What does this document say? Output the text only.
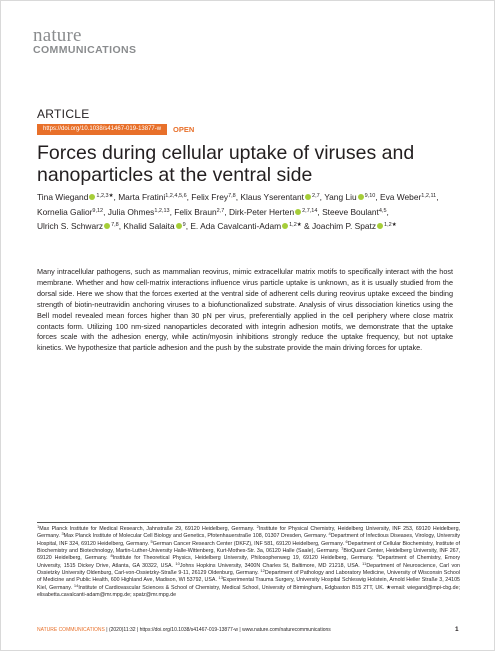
nature
COMMUNICATIONS
ARTICLE
https://doi.org/10.1038/s41467-019-13877-w	OPEN
Forces during cellular uptake of viruses and nanoparticles at the ventral side
Tina Wiegand $^{1,2,3★}$, Marta Fratini$^{1,2,4,5,6}$, Felix Frey$^{7,8}$, Klaus Yserentant $^{2,7}$, Yang Liu $^{9,10}$, Eva Weber$^{1,2,11}$, Kornelia Galior$^{9,12}$, Julia Ohmes$^{1,2,13}$, Felix Braun$^{2,7}$, Dirk-Peter Herten $^{2,7,14}$, Steeve Boulant$^{4,5}$, Ulrich S. Schwarz $^{7,8}$, Khalid Salaita $^9$, E. Ada Cavalcanti-Adam $^{1,2★}$ & Joachim P. Spatz $^{1,2★}$
Many intracellular pathogens, such as mammalian reovirus, mimic extracellular matrix motifs to specifically interact with the host membrane. Whether and how cell-matrix interactions influence virus particle uptake is unknown, as it is usually studied from the dorsal side. Here we show that the forces exerted at the ventral side of adherent cells during reovirus uptake exceed the binding strength of biotin-neutravidin anchoring viruses to a biofunctionalized substrate. Analysis of virus dissociation kinetics using the Bell model revealed mean forces higher than 30 pN per virus, preferentially applied in the cell periphery where close matrix contacts form. Utilizing 100 nm-sized nanoparticles decorated with integrin adhesion motifs, we demonstrate that the uptake forces scale with the adhesion energy, while actin/myosin inhibitions strongly reduce the uptake frequency, but not uptake kinetics. We hypothesize that particle adhesion and the push by the substrate provide the main driving forces for uptake.
$^1$Max Planck Institute for Medical Research, Jahnstraße 29, 69120 Heidelberg, Germany. $^2$Institute for Physical Chemistry, Heidelberg University, INF 253, 69120 Heidelberg, Germany. $^3$Max Planck Institute of Molecular Cell Biology and Genetics, Pfotenhauerstraße 108, 01307 Dresden, Germany. $^4$Department of Infectious Diseases, Virology, University Hospital, INF 324, 69120 Heidelberg, Germany. $^5$German Cancer Research Center (DKFZ), INF 581, 69120 Heidelberg, Germany. $^6$Department of Cellular Biochemistry, Institute of Biochemistry and Biotechnology, Martin-Luther-University Halle-Wittenberg, Kurt-Mothes-Str. 3a, 06120 Halle (Saale), Germany. $^7$BioQuant Center, Heidelberg University, INF 267, 69120 Heidelberg, Germany. $^8$Institute for Theoretical Physics, Heidelberg University, Philosophenweg 19, 69120 Heidelberg, Germany. $^9$Department of Chemistry, Emory University, 1515 Dickey Drive, Atlanta, GA 30322, USA. $^{10}$Johns Hopkins University, 3400N Charles St, Baltimore, MD 21218, USA. $^{11}$Department of Neuroscience, Carl von Ossietzky University Oldenburg, Carl-von-Ossietzky-Straße 9-11, 26129 Oldenburg, Germany. $^{12}$Department of Pathology and Laboratory Medicine, University of Wisconsin School of Medicine and Public Health, 600 Highland Ave, Madison, WI 53792, USA. $^{13}$Experimental Trauma Surgery, University Hospital Schleswig Holstein, Arnold Heller Straße 3, 24105 Kiel, Germany. $^{14}$Institute of Cardiovascular Sciences & School of Chemistry, Medical School, University of Birmingham, Edgbaston B15 2TT, UK. ★email: wiegand@mpi-cbg.de; elisabetta.cavalcanti-adam@mr.mpg.de; spatz@mr.mpg.de
NATURE COMMUNICATIONS | (2020)11:32 | https://doi.org/10.1038/s41467-019-13877-w | www.nature.com/naturecommunications	1
